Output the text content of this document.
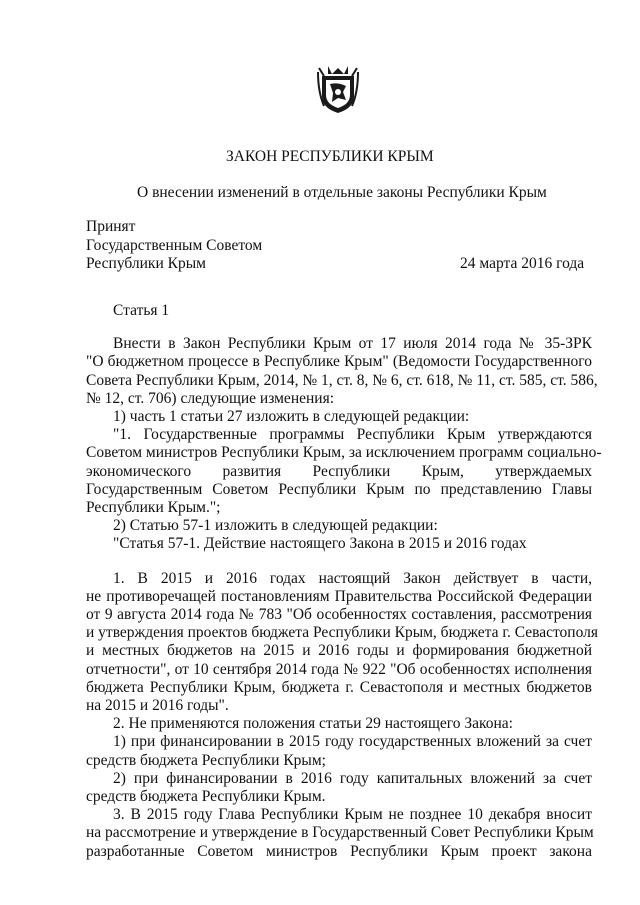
ЗАКОН РЕСПУБЛИКИ КРЫМ
О внесении изменений в отдельные законы Республики Крым
Принят
Государственным Советом
Республики Крым	24 марта 2016 года
Статья 1
Внести в Закон Республики Крым от 17 июля 2014 года № 35-ЗРК
"О бюджетном процессе в Республике Крым" (Ведомости Государственного
Совета Республики Крым, 2014, № 1, ст. 8, № 6, ст. 618, № 11, ст. 585, ст. 586,
№ 12, ст. 706) следующие изменения:
1) часть 1 статьи 27 изложить в следующей редакции:
"1. Государственные программы Республики Крым утверждаются
Советом министров Республики Крым, за исключением программ социально-
экономического развития Республики Крым, утверждаемых
Государственным Советом Республики Крым по представлению Главы
Республики Крым.";
2) Статью 57-1 изложить в следующей редакции:
"Статья 57-1. Действие настоящего Закона в 2015 и 2016 годах
1. В 2015 и 2016 годах настоящий Закон действует в части,
не противоречащей постановлениям Правительства Российской Федерации
от 9 августа 2014 года № 783 "Об особенностях составления, рассмотрения
и утверждения проектов бюджета Республики Крым, бюджета г. Севастополя
и местных бюджетов на 2015 и 2016 годы и формирования бюджетной
отчетности", от 10 сентября 2014 года № 922 "Об особенностях исполнения
бюджета Республики Крым, бюджета г. Севастополя и местных бюджетов
на 2015 и 2016 годы".
2. Не применяются положения статьи 29 настоящего Закона:
1) при финансировании в 2015 году государственных вложений за счет
средств бюджета Республики Крым;
2) при финансировании в 2016 году капитальных вложений за счет
средств бюджета Республики Крым.
3. В 2015 году Глава Республики Крым не позднее 10 декабря вносит
на рассмотрение и утверждение в Государственный Совет Республики Крым
разработанные Советом министров Республики Крым проект закона
